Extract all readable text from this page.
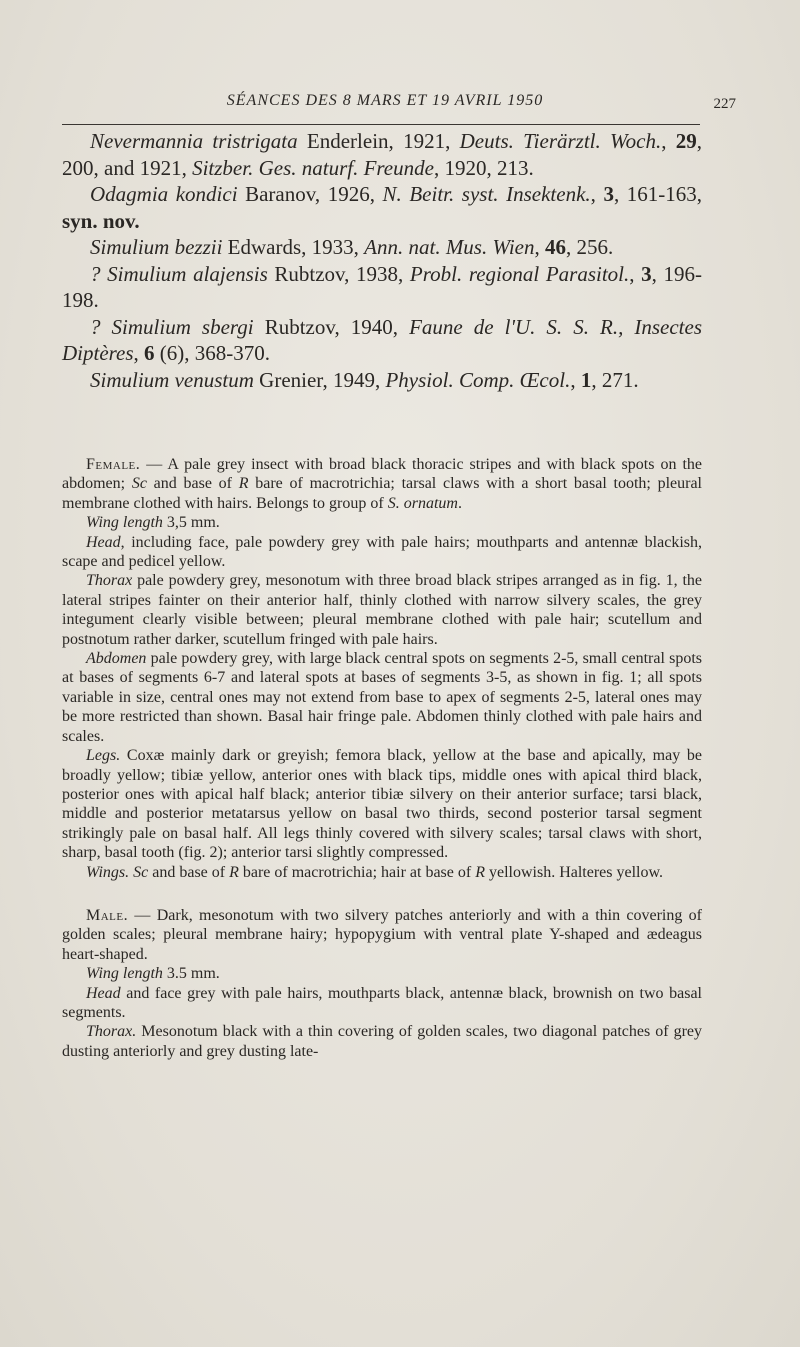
SÉANCES DES 8 MARS ET 19 AVRIL 1950	227

Nevermannia tristrigata Enderlein, 1921, Deuts. Tierärztl. Woch., 29, 200, and 1921, Sitzber. Ges. naturf. Freunde, 1920, 213.

Odagmia kondici Baranov, 1926, N. Beitr. syst. Insektenk., 3, 161-163, syn. nov.

Simulium bezzii Edwards, 1933, Ann. nat. Mus. Wien, 46, 256.

? Simulium alajensis Rubtzov, 1938, Probl. regional Parasitol., 3, 196-198.

? Simulium sbergi Rubtzov, 1940, Faune de l'U. S. S. R., Insectes Diptères, 6 (6), 368-370.

Simulium venustum Grenier, 1949, Physiol. Comp. Œcol., 1, 271.

Female. — A pale grey insect with broad black thoracic stripes and with black spots on the abdomen; Sc and base of R bare of macrotrichia; tarsal claws with a short basal tooth; pleural membrane clothed with hairs. Belongs to group of S. ornatum.

Wing length 3,5 mm.

Head, including face, pale powdery grey with pale hairs; mouthparts and antennæ blackish, scape and pedicel yellow.

Thorax pale powdery grey, mesonotum with three broad black stripes arranged as in fig. 1, the lateral stripes fainter on their anterior half, thinly clothed with narrow silvery scales, the grey integument clearly visible between; pleural membrane clothed with pale hair; scutellum and postnotum rather darker, scutellum fringed with pale hairs.

Abdomen pale powdery grey, with large black central spots on segments 2-5, small central spots at bases of segments 6-7 and lateral spots at bases of segments 3-5, as shown in fig. 1; all spots variable in size, central ones may not extend from base to apex of segments 2-5, lateral ones may be more restricted than shown. Basal hair fringe pale. Abdomen thinly clothed with pale hairs and scales.

Legs. Coxæ mainly dark or greyish; femora black, yellow at the base and apically, may be broadly yellow; tibiæ yellow, anterior ones with black tips, middle ones with apical third black, posterior ones with apical half black; anterior tibiæ silvery on their anterior surface; tarsi black, middle and posterior metatarsus yellow on basal two thirds, second posterior tarsal segment strikingly pale on basal half. All legs thinly covered with silvery scales; tarsal claws with short, sharp, basal tooth (fig. 2); anterior tarsi slightly compressed.

Wings. Sc and base of R bare of macrotrichia; hair at base of R yellowish. Halteres yellow.

Male. — Dark, mesonotum with two silvery patches anteriorly and with a thin covering of golden scales; pleural membrane hairy; hypopygium with ventral plate Y-shaped and ædeagus heart-shaped.

Wing length 3.5 mm.

Head and face grey with pale hairs, mouthparts black, antennæ black, brownish on two basal segments.

Thorax. Mesonotum black with a thin covering of golden scales, two diagonal patches of grey dusting anteriorly and grey dusting late-
